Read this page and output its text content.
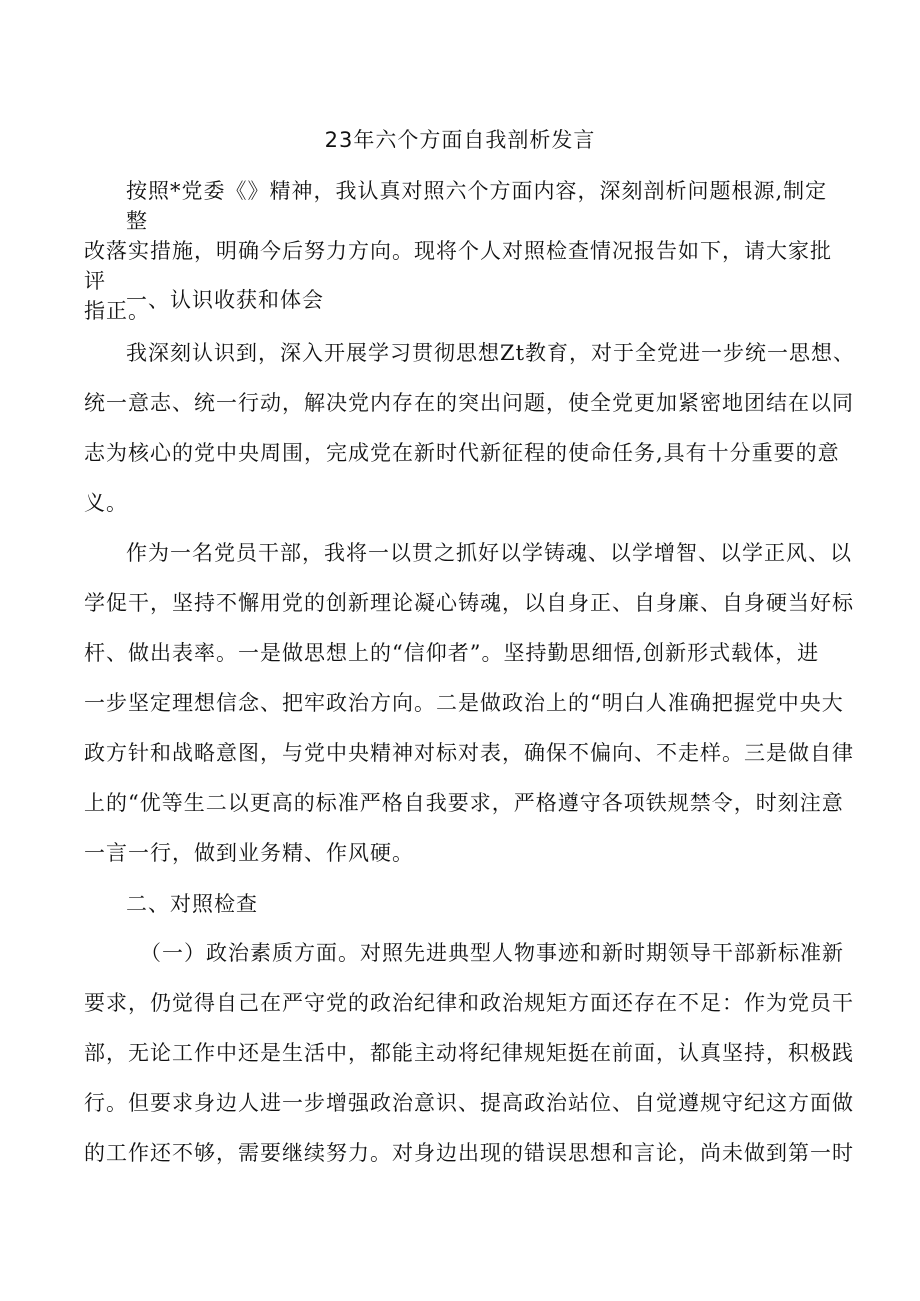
23年六个方面自我剖析发言
按照*党委《》精神，我认真对照六个方面内容，深刻剖析问题根源,制定整
改落实措施，明确今后努力方向。现将个人对照检查情况报告如下，请大家批评
指正。
一、认识收获和体会
我深刻认识到，深入开展学习贯彻思想Zt教育，对于全党进一步统一思想、
统一意志、统一行动，解决党内存在的突出问题，使全党更加紧密地团结在以同
志为核心的党中央周围，完成党在新时代新征程的使命任务,具有十分重要的意
义。
作为一名党员干部，我将一以贯之抓好以学铸魂、以学增智、以学正风、以
学促干，坚持不懈用党的创新理论凝心铸魂，以自身正、自身廉、自身硬当好标
杆、做出表率。一是做思想上的“信仰者”。坚持勤思细悟,创新形式载体，进
一步坚定理想信念、把牢政治方向。二是做政治上的“明白人准确把握党中央大
政方针和战略意图，与党中央精神对标对表，确保不偏向、不走样。三是做自律
上的“优等生二以更高的标准严格自我要求，严格遵守各项铁规禁令，时刻注意
一言一行，做到业务精、作风硬。
二、对照检查
（一）政治素质方面。对照先进典型人物事迹和新时期领导干部新标准新
要求，仍觉得自己在严守党的政治纪律和政治规矩方面还存在不足：作为党员干
部，无论工作中还是生活中，都能主动将纪律规矩挺在前面，认真坚持，积极践
行。但要求身边人进一步增强政治意识、提高政治站位、自觉遵规守纪这方面做
的工作还不够，需要继续努力。对身边出现的错误思想和言论，尚未做到第一时
